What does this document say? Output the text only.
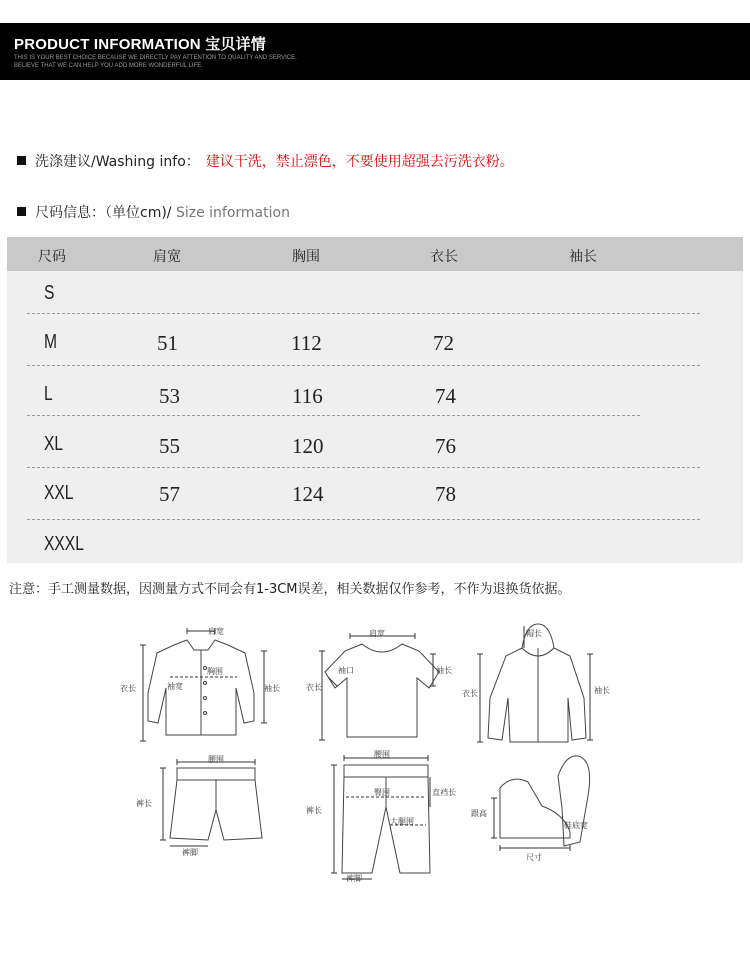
PRODUCT INFORMATION 宝贝详情
THIS IS YOUR BEST CHOICE BECAUSE WE DIRECTLY PAY ATTENTION TO QUALITY AND SERVICE.
BELIEVE THAT WE CAN HELP YOU ADD MORE WONDERFUL LIFE.
洗涤建议/Washing info： 建议干洗，禁止漂色，不要使用超强去污洗衣粉。
尺码信息：（单位cm)/ Size information
尺码	肩宽	胸围	衣长	袖长
S
M	51	112	72
L	53	116	74
XL	55	120	76
XXL	57	124	78
XXXL
注意：手工测量数据，因测量方式不同会有1-3CM误差，相关数据仅作参考，不作为退换货依据。
肩宽
衣长	袖宽
胸围
袖长
肩宽
衣长
袖口	袖长
帽长
衣长	袖长
腰围
裤长
裤脚
腰围
裤长
臀围	直裆长
大腿围
裤脚
跟高
鞋底宽
尺寸
